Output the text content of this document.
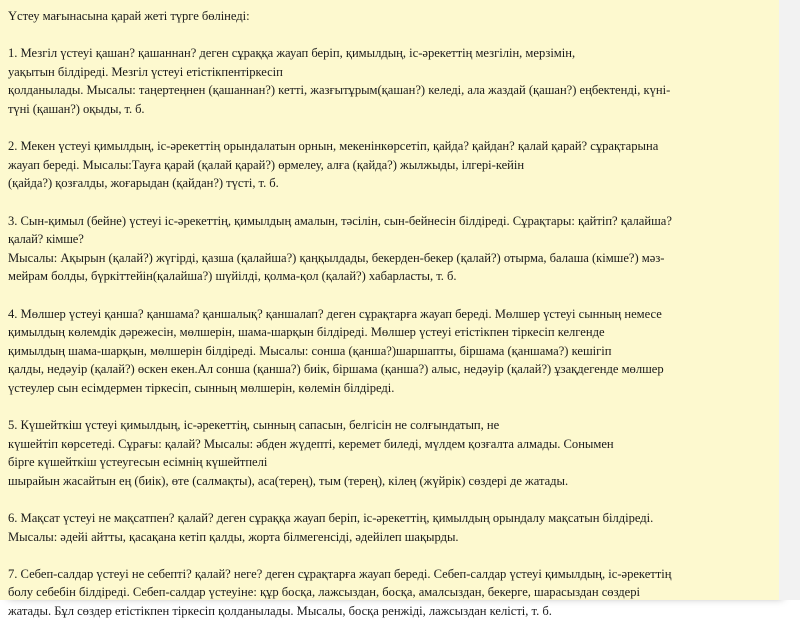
Үстеу мағынасына қарай жеті түрге бөлінеді:
1. Мезгіл үстеуі қашан? қашаннан? деген сұраққа жауап беріп, қимылдың, іс-әрекеттің мезгілін, мерзімін,
уақытын білдіреді. Мезгіл үстеуі етістікпентіркесіп
қолданылады. Мысалы: таңертеңнен (қашаннан?) кетті, жазғытұрым(қашан?) келеді, ала жаздай (қашан?) еңбектенді, күні-
түні (қашан?) оқыды, т. б.
2. Мекен үстеуі қимылдың, іс-әрекеттің орындалатын орнын, мекенінкөрсетіп, қайда? қайдан? қалай қарай? сұрақтарына
жауап береді. Мысалы:Тауға қарай (қалай қарай?) өрмелеу, алға (қайда?) жылжыды, ілгері-кейін
(қайда?) қозғалды, жоғарыдан (қайдан?) түсті, т. б.
3. Сын-қимыл (бейне) үстеуі іс-әрекеттің, қимылдың амалын, тәсілін, сын-бейнесін білдіреді. Сұрақтары: қайтіп? қалайша?
қалай? кімше?
Мысалы: Ақырын (қалай?) жүгірді, қазша (қалайша?) қаңқылдады, бекерден-бекер (қалай?) отырма, балаша (кімше?) мәз-
мейрам болды, бүркіттейін(қалайша?) шүйілді, қолма-қол (қалай?) хабарласты, т. б.
4. Мөлшер үстеуі қанша? қаншама? қаншалық? қаншалап? деген сұрақтарға жауап береді. Мөлшер үстеуі сынның немесе
қимылдың көлемдік дәрежесін, мөлшерін, шама-шарқын білдіреді. Мөлшер үстеуі етістікпен тіркесіп келгенде
қимылдың шама-шарқын, мөлшерін білдіреді. Мысалы: сонша (қанша?)шаршапты, біршама (қаншама?) кешігіп
қалды, недәуір (қалай?) өскен екен.Ал сонша (қанша?) биік, біршама (қанша?) алыс, недәуір (қалай?) ұзақдегенде мөлшер
үстеулер сын есімдермен тіркесіп, сынның мөлшерін, көлемін білдіреді.
5. Күшейткіш үстеуі қимылдың, іс-әрекеттің, сынның сапасын, белгісін не солғындатып, не
күшейтіп көрсетеді. Сұрағы: қалай? Мысалы: әбден жүдепті, керемет биледі, мүлдем қозғалта алмады. Сонымен
бірге күшейткіш үстеугесын есімнің күшейтпелі
шырайын жасайтын ең (биік), өте (салмақты), аса(терең), тым (терең), кілең (жүйрік) сөздері де жатады.
6. Мақсат үстеуі не мақсатпен? қалай? деген сұраққа жауап беріп, іс-әрекеттің, қимылдың орындалу мақсатын білдіреді.
Мысалы: әдейі айтты, қасақана кетіп қалды, жорта білмегенсіді, әдейілеп шақырды.
7. Себеп-салдар үстеуі не себепті? қалай? неге? деген сұрақтарға жауап береді. Себеп-салдар үстеуі қимылдың, іс-әрекеттің
болу себебін білдіреді. Себеп-салдар үстеуіне: құр босқа, лажсыздан, босқа, амалсыздан, бекерге, шарасыздан сөздері
жатады. Бұл сөздер етістікпен тіркесіп қолданылады. Мысалы, босқа ренжіді, лажсыздан келісті, т. б.
